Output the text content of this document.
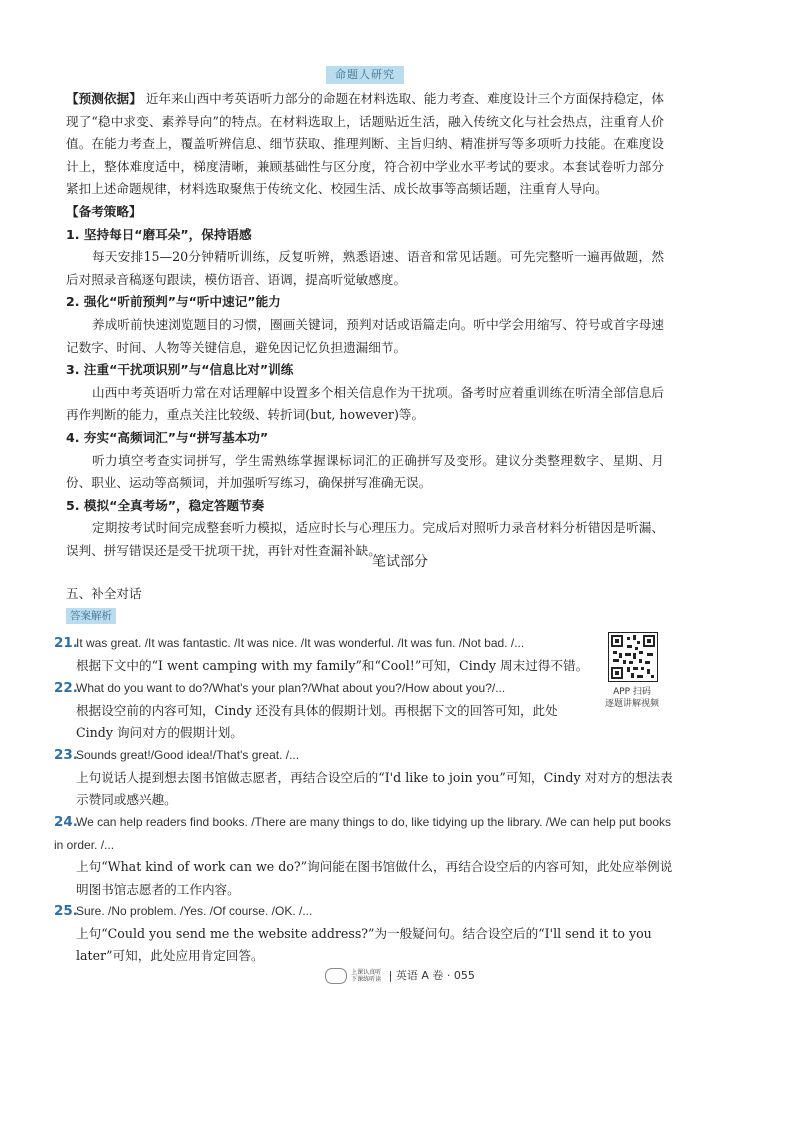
命题人研究

【预测依据】 近年来山西中考英语听力部分的命题在材料选取、能力考查、难度设计三个方面保持稳定，体现了“稳中求变、素养导向”的特点。在材料选取上，话题贴近生活，融入传统文化与社会热点，注重育人价值。在能力考查上，覆盖听辨信息、细节获取、推理判断、主旨归纳、精准拼写等多项听力技能。在难度设计上，整体难度适中，梯度清晰，兼顾基础性与区分度，符合初中学业水平考试的要求。本套试卷听力部分紧扣上述命题规律，材料选取聚焦于传统文化、校园生活、成长故事等高频话题，注重育人导向。

【备考策略】

1. 坚持每日“磨耳朵”，保持语感

每天安排15—20分钟精听训练，反复听辨，熟悉语速、语音和常见话题。可先完整听一遍再做题，然后对照录音稿逐句跟读，模仿语音、语调，提高听觉敏感度。

2. 强化“听前预判”与“听中速记”能力

养成听前快速浏览题目的习惯，圈画关键词，预判对话或语篇走向。听中学会用缩写、符号或首字母速记数字、时间、人物等关键信息，避免因记忆负担遗漏细节。

3. 注重“干扰项识别”与“信息比对”训练

山西中考英语听力常在对话理解中设置多个相关信息作为干扰项。备考时应着重训练在听清全部信息后再作判断的能力，重点关注比较级、转折词(but, however)等。

4. 夯实“高频词汇”与“拼写基本功”

听力填空考查实词拼写，学生需熟练掌握课标词汇的正确拼写及变形。建议分类整理数字、星期、月份、职业、运动等高频词，并加强听写练习，确保拼写准确无误。

5. 模拟“全真考场”，稳定答题节奏

定期按考试时间完成整套听力模拟，适应时长与心理压力。完成后对照听力录音材料分析错因是听漏、误判、拼写错误还是受干扰项干扰，再针对性查漏补缺。

笔试部分
五、补全对话
答案解析
APP 扫码
逐题讲解视频
21.It was great. /It was fantastic. /It was nice. /It was wonderful. /It was fun. /Not bad. /...

根据下文中的“I went camping with my family”和“Cool!”可知，Cindy 周末过得不错。

22.What do you want to do?/What's your plan?/What about you?/How about you?/...

根据设空前的内容可知，Cindy 还没有具体的假期计划。再根据下文的回答可知，此处 Cindy 询问对方的假期计划。

23.Sounds great!/Good idea!/That's great. /...

上句说话人提到想去图书馆做志愿者，再结合设空后的“I'd like to join you”可知，Cindy 对对方的想法表示赞同或感兴趣。

24.We can help readers find books. /There are many things to do, like tidying up the library. /We can help put books in order. /...

上句“What kind of work can we do?”询问能在图书馆做什么，再结合设空后的内容可知，此处应举例说明图书馆志愿者的工作内容。

25.Sure. /No problem. /Yes. /Of course. /OK. /...

上句“Could you send me the website address?”为一般疑问句。结合设空后的“I'll send it to you later”可知，此处应用肯定回答。

上课认真听 下课练听读 | 英语 A 卷 · 055
